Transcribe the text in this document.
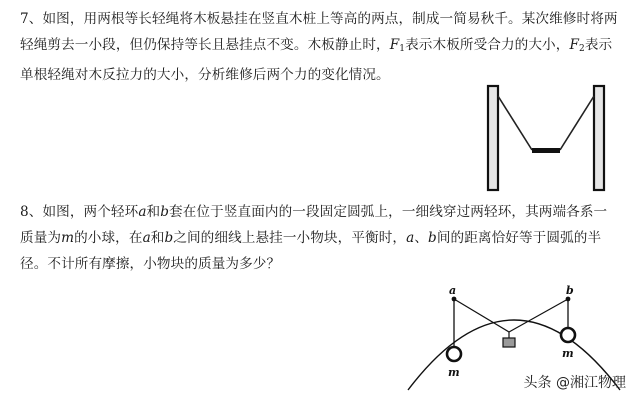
7、如图，用两根等长轻绳将木板悬挂在竖直木桩上等高的两点，制成一简易秋千。某次维修时将两轻绳剪去一小段，但仍保持等长且悬挂点不变。木板静止时，$F_1$表示木板所受合力的大小，$F_2$表示单根轻绳对木反拉力的大小，分析维修后两个力的变化情况。

8、如图，两个轻环a和b套在位于竖直面内的一段固定圆弧上，一细线穿过两轻环，其两端各系一质量为m的小球，在a和b之间的细线上悬挂一小物块，平衡时，a、b间的距离恰好等于圆弧的半径。不计所有摩擦，小物块的质量为多少？

a	b
m
m
头条 @湘江物理
